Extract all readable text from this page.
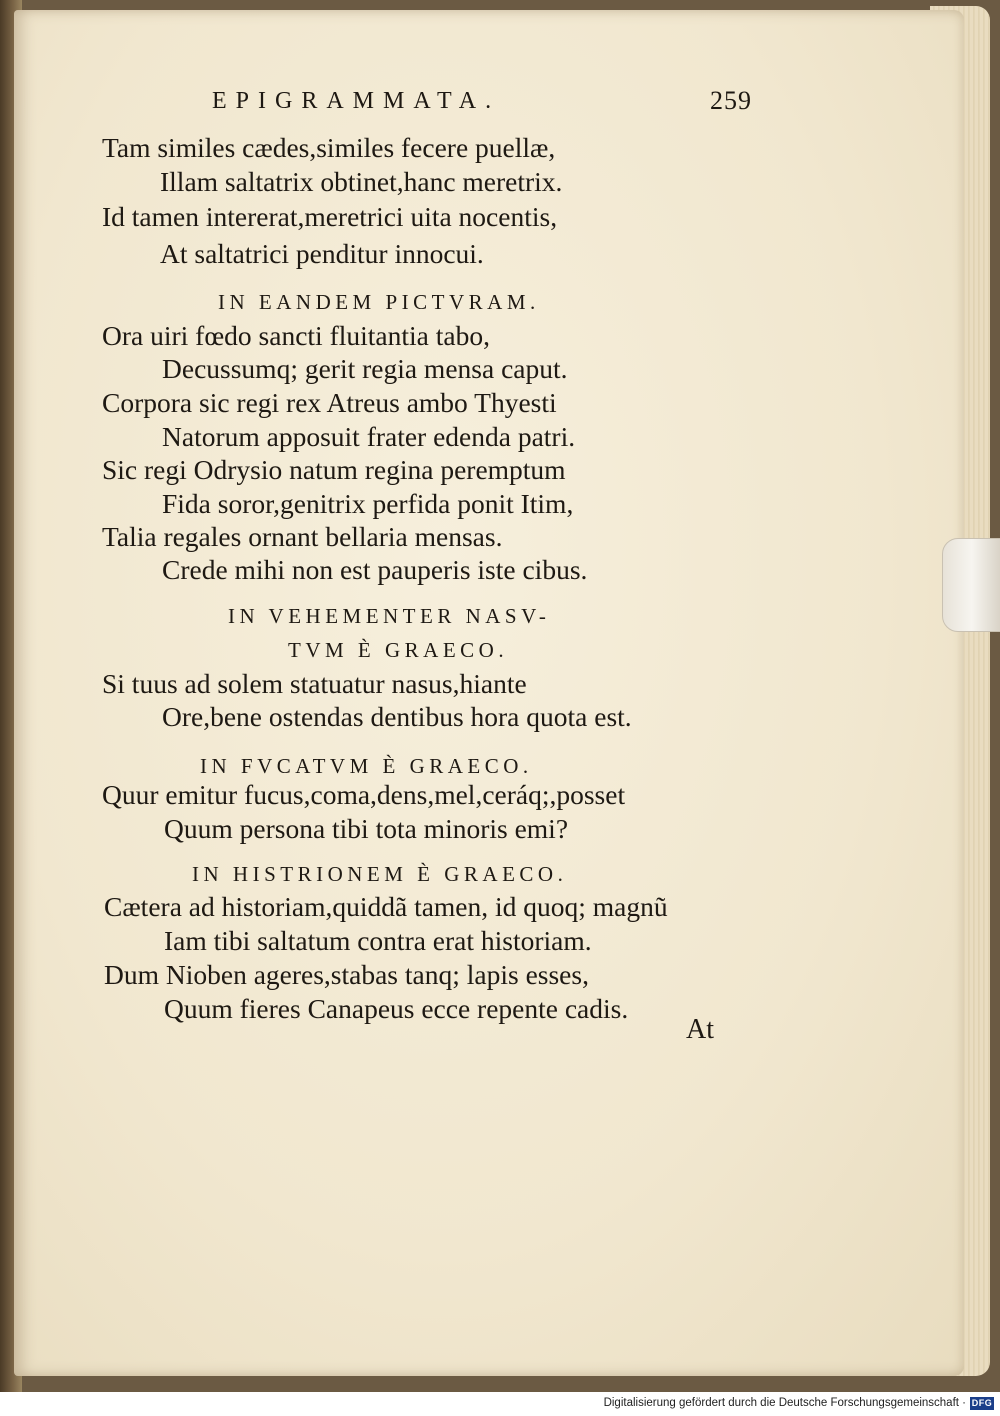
EPIGRAMMATA.	259
Tam similes cædes,similes fecere puellæ,
Illam saltatrix obtinet,hanc meretrix.
Id tamen intererat,meretrici uita nocentis,
At saltatrici penditur innocui.
IN EANDEM PICTVRAM.
Ora uiri fœdo sancti fluitantia tabo,
Decussumq; gerit regia mensa caput.
Corpora sic regi rex Atreus ambo Thyesti
Natorum apposuit frater edenda patri.
Sic regi Odrysio natum regina peremptum
Fida soror,genitrix perfida ponit Itim,
Talia regales ornant bellaria mensas.
Crede mihi non est pauperis iste cibus.
IN VEHEMENTER NASV-
TVM È GRAECO.
Si tuus ad solem statuatur nasus,hiante
Ore,bene ostendas dentibus hora quota est.
IN FVCATVM È GRAECO.
Quur emitur fucus,coma,dens,mel,ceráq;,posset
Quum persona tibi tota minoris emi?
IN HISTRIONEM È GRAECO.
Cætera ad historiam,quiddã tamen, id quoq; magnũ
Iam tibi saltatum contra erat historiam.
Dum Nioben ageres,stabas tanq; lapis esses,
Quum fieres Canapeus ecce repente cadis.
At
Digitalisierung gefördert durch die Deutsche Forschungsgemeinschaft · DFG
